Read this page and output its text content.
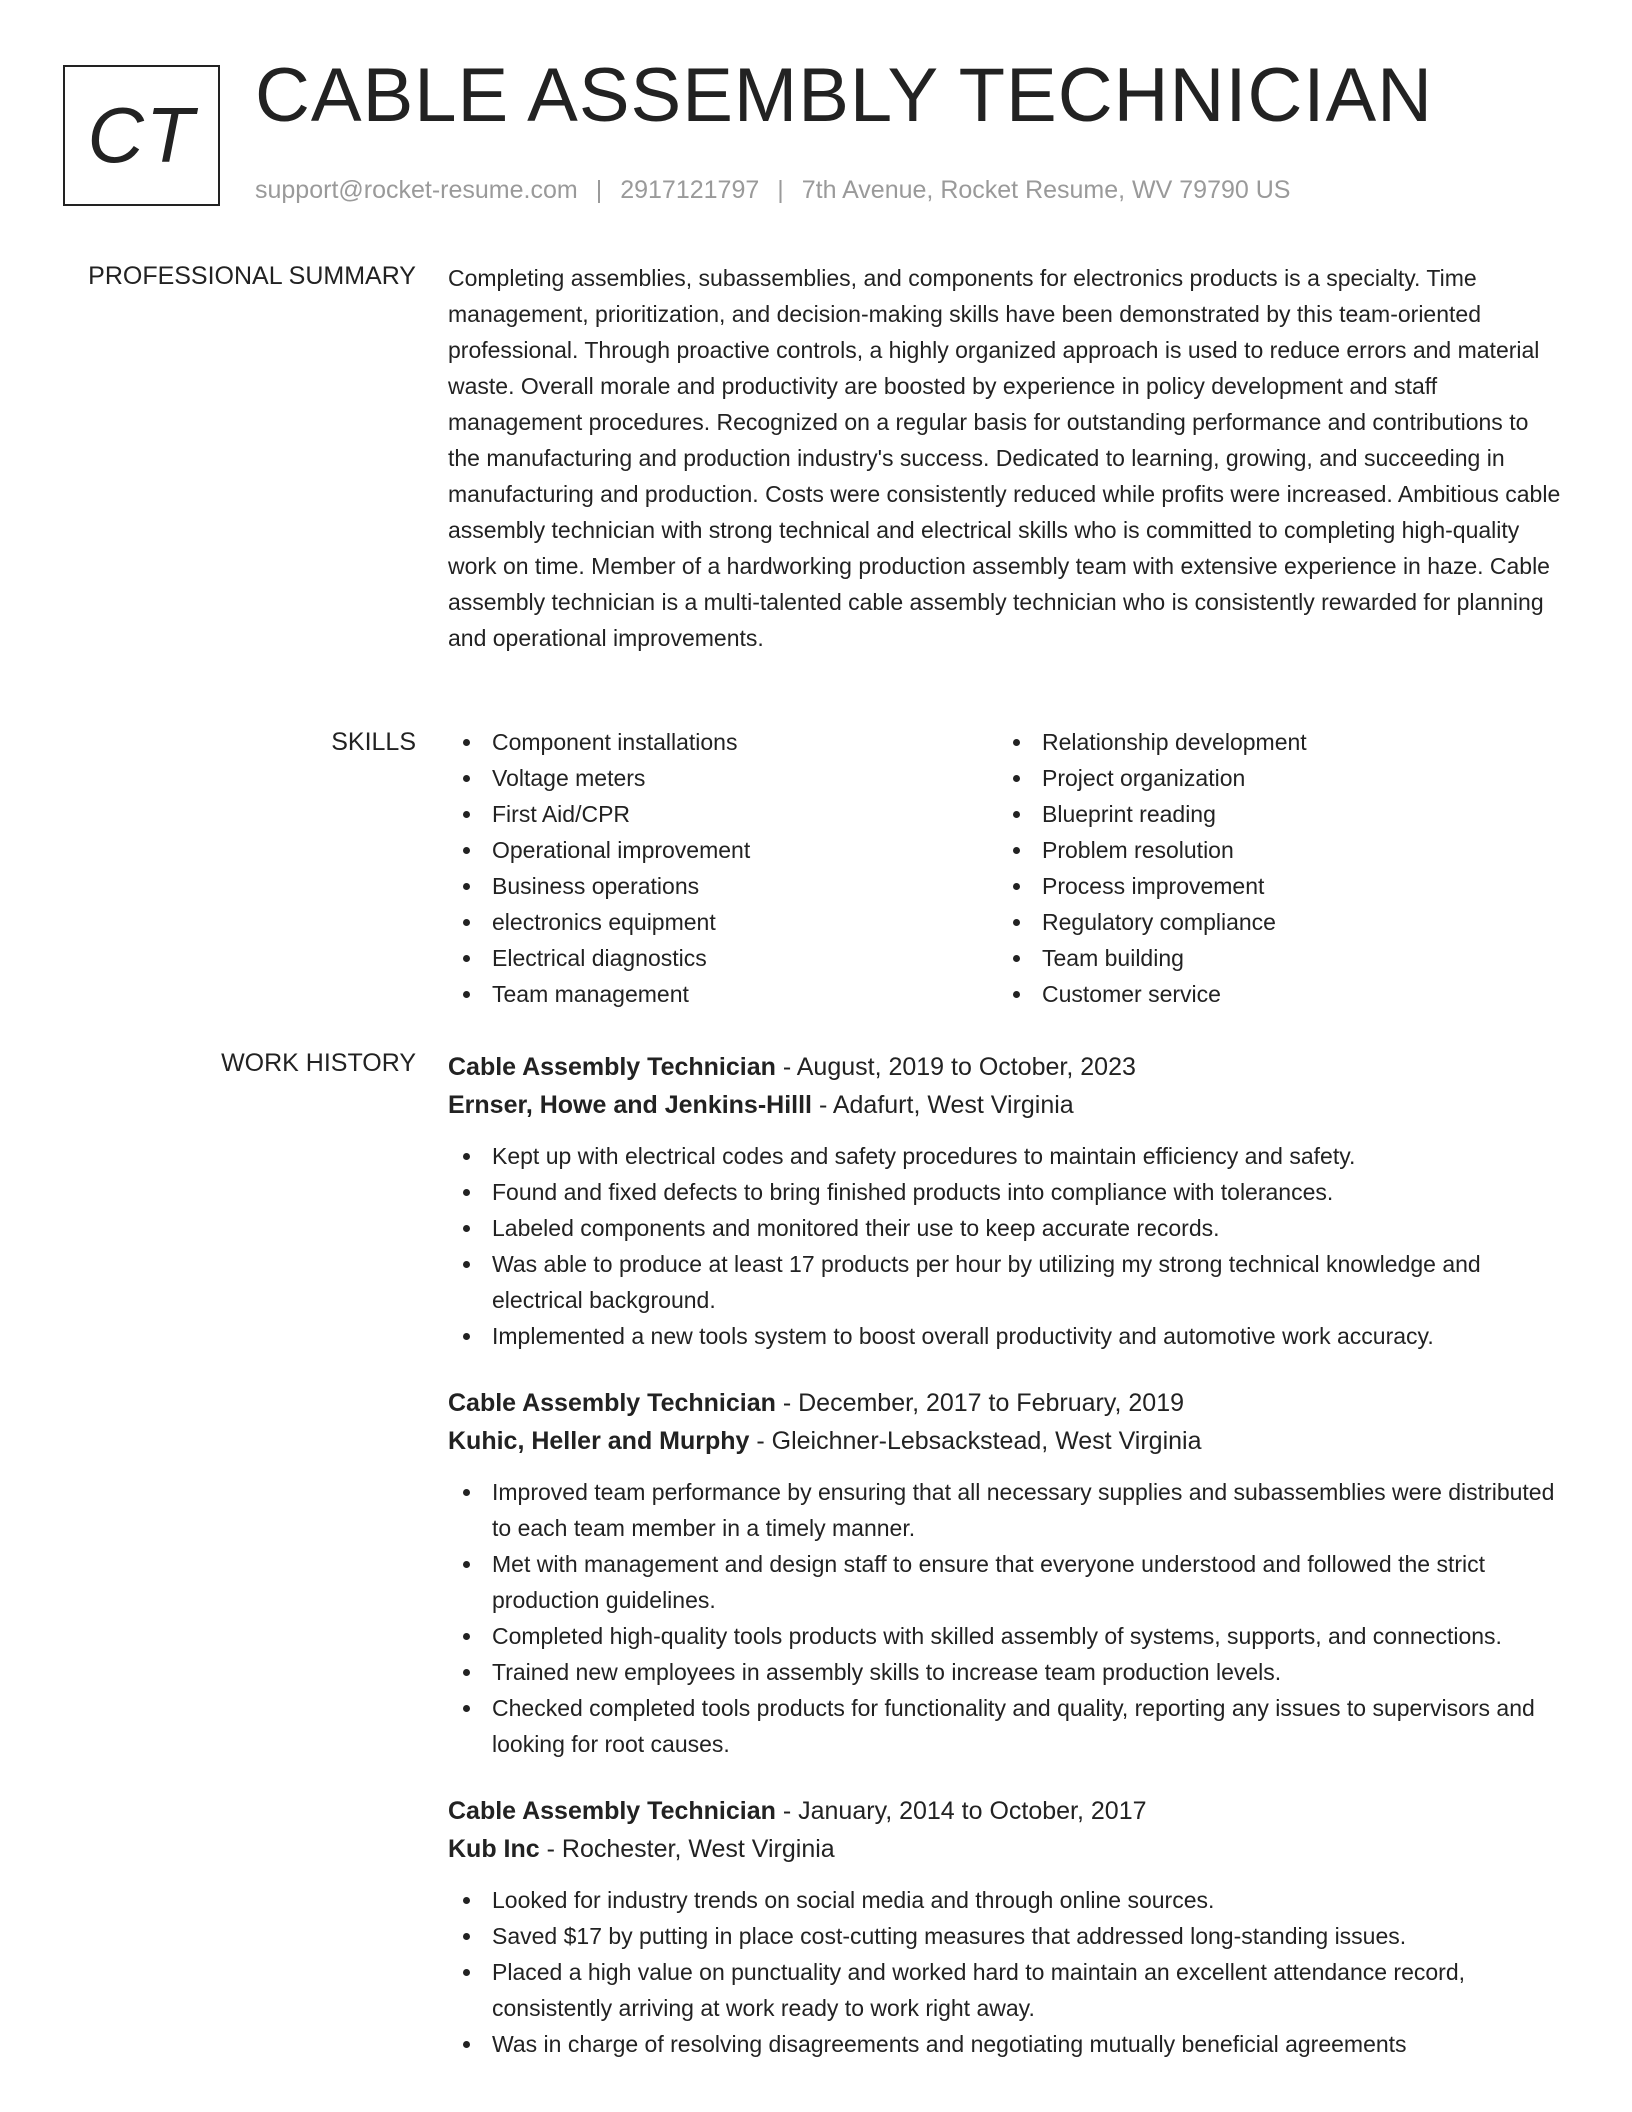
CT CABLE ASSEMBLY TECHNICIAN
support@rocket-resume.com | 2917121797 | 7th Avenue, Rocket Resume, WV 79790 US
PROFESSIONAL SUMMARY Completing assemblies, subassemblies, and components for electronics products is a specialty. Time management, prioritization, and decision-making skills have been demonstrated by this team-oriented professional. Through proactive controls, a highly organized approach is used to reduce errors and material waste. Overall morale and productivity are boosted by experience in policy development and staff management procedures. Recognized on a regular basis for outstanding performance and contributions to the manufacturing and production industry's success. Dedicated to learning, growing, and succeeding in manufacturing and production. Costs were consistently reduced while profits were increased. Ambitious cable assembly technician with strong technical and electrical skills who is committed to completing high-quality work on time. Member of a hardworking production assembly team with extensive experience in haze. Cable assembly technician is a multi-talented cable assembly technician who is consistently rewarded for planning and operational improvements.
SKILLS	Component installations
Voltage meters
First Aid/CPR
Operational improvement
Business operations
electronics equipment
Electrical diagnostics
Team management
Relationship development
Project organization
Blueprint reading
Problem resolution
Process improvement
Regulatory compliance
Team building
Customer service
WORK HISTORY Cable Assembly Technician - August, 2019 to October, 2023
Ernser, Howe and Jenkins-Hilll - Adafurt, West Virginia
Kept up with electrical codes and safety procedures to maintain efficiency and safety.
Found and fixed defects to bring finished products into compliance with tolerances.
Labeled components and monitored their use to keep accurate records.
Was able to produce at least 17 products per hour by utilizing my strong technical knowledge and electrical background.
Implemented a new tools system to boost overall productivity and automotive work accuracy.
Cable Assembly Technician - December, 2017 to February, 2019
Kuhic, Heller and Murphy - Gleichner-Lebsackstead, West Virginia
Improved team performance by ensuring that all necessary supplies and subassemblies were distributed to each team member in a timely manner.
Met with management and design staff to ensure that everyone understood and followed the strict production guidelines.
Completed high-quality tools products with skilled assembly of systems, supports, and connections.
Trained new employees in assembly skills to increase team production levels.
Checked completed tools products for functionality and quality, reporting any issues to supervisors and looking for root causes.
Cable Assembly Technician - January, 2014 to October, 2017
Kub Inc - Rochester, West Virginia
Looked for industry trends on social media and through online sources.
Saved $17 by putting in place cost-cutting measures that addressed long-standing issues.
Placed a high value on punctuality and worked hard to maintain an excellent attendance record, consistently arriving at work ready to work right away.
Was in charge of resolving disagreements and negotiating mutually beneficial agreements
